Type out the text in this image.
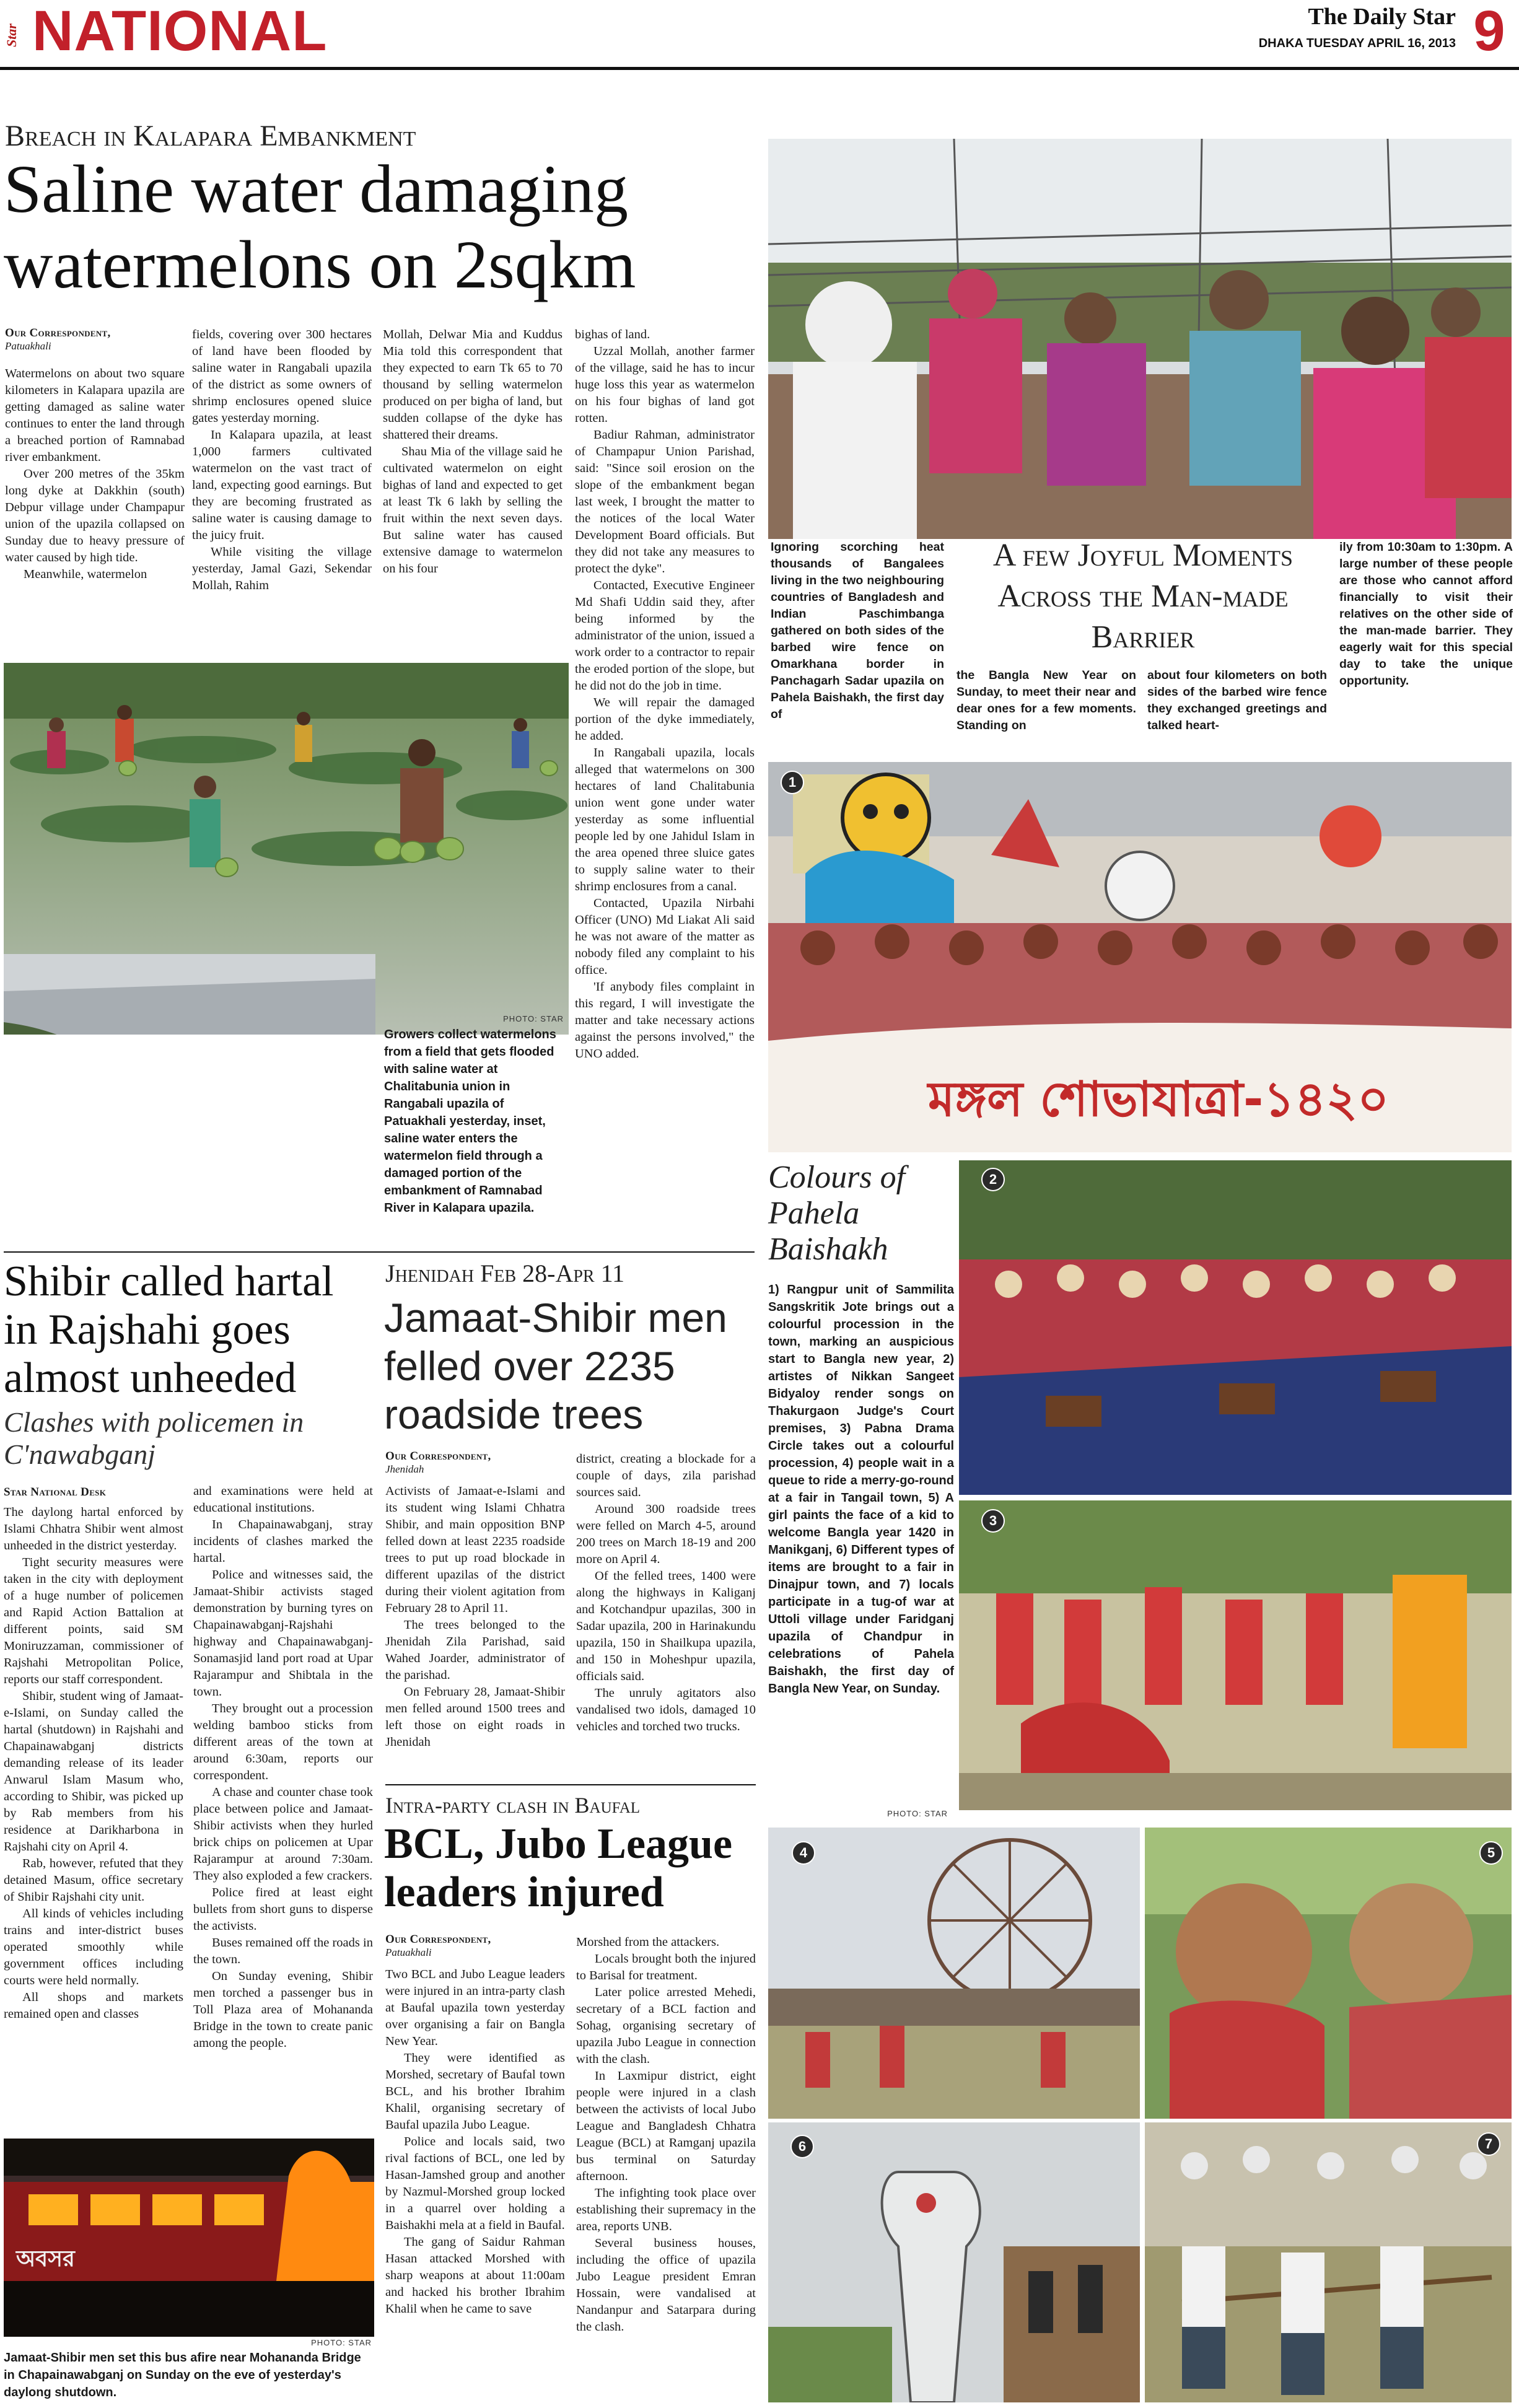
Star NATIONAL	The Daily Star
DHAKA TUESDAY APRIL 16, 2013 9
Breach in Kalapara Embankment
Saline water damaging watermelons on 2sqkm
Our Correspondent,
Patuakhali

Watermelons on about two square kilometers in Kalapara upazila are getting damaged as saline water continues to enter the land through a breached portion of Ramnabad river embankment.

Over 200 metres of the 35km long dyke at Dakkhin (south) Debpur village under Champapur union of the upazila collapsed on Sunday due to heavy pressure of water caused by high tide.

Meanwhile, watermelon

fields, covering over 300 hectares of land have been flooded by saline water in Rangabali upazila of the district as some owners of shrimp enclosures opened sluice gates yesterday morning.

In Kalapara upazila, at least 1,000 farmers cultivated watermelon on the vast tract of land, expecting good earnings. But they are becoming frustrated as saline water is causing damage to the juicy fruit.

While visiting the village yesterday, Jamal Gazi, Sekendar Mollah, Rahim

Mollah, Delwar Mia and Kuddus Mia told this correspondent that they expected to earn Tk 65 to 70 thousand by selling watermelon produced on per bigha of land, but sudden collapse of the dyke has shattered their dreams.

Shau Mia of the village said he cultivated watermelon on eight bighas of land and expected to get at least Tk 6 lakh by selling the fruit within the next seven days. But saline water has caused extensive damage to watermelon on his four

bighas of land.

Uzzal Mollah, another farmer of the village, said he has to incur huge loss this year as watermelon on his four bighas of land got rotten.

Badiur Rahman, administrator of Champapur Union Parishad, said: "Since soil erosion on the slope of the embankment began last week, I brought the matter to the notices of the local Water Development Board officials. But they did not take any measures to protect the dyke".

Contacted, Executive Engineer Md Shafi Uddin said they, after being informed by the administrator of the union, issued a work order to a contractor to repair the eroded portion of the slope, but he did not do the job in time.

We will repair the damaged portion of the dyke immediately, he added.

In Rangabali upazila, locals alleged that watermelons on 300 hectares of land Chalitabunia union went gone under water yesterday as some influential people led by one Jahidul Islam in the area opened three sluice gates to supply saline water to their shrimp enclosures from a canal.

Contacted, Upazila Nirbahi Officer (UNO) Md Liakat Ali said he was not aware of the matter as nobody filed any complaint to his office.

'If anybody files complaint in this regard, I will investigate the matter and take necessary actions against the persons involved," the UNO added.

PHOTO: STAR
Growers collect watermelons from a field that gets flooded with saline water at Chalitabunia union in Rangabali upazila of Patuakhali yesterday, inset, saline water enters the watermelon field through a damaged portion of the embankment of Ramnabad River in Kalapara upazila.
Ignoring scorching heat thousands of Bangalees living in the two neighbouring countries of Bangladesh and Indian Paschimbanga gathered on both sides of the barbed wire fence on Omarkhana border in Panchagarh Sadar upazila on Pahela Baishakh, the first day of
A few Joyful Moments Across the Man-made Barrier
the Bangla New Year on Sunday, to meet their near and dear ones for a few moments. Standing on
about four kilometers on both sides of the barbed wire fence they exchanged greetings and talked heart-
ily from 10:30am to 1:30pm. A large number of these people are those who cannot afford financially to visit their relatives on the other side of the man-made barrier. They eagerly wait for this special day to take the unique opportunity.
মঙ্গল শোভাযাত্রা-১৪২০
1
Colours of Pahela Baishakh
1) Rangpur unit of Sammilita Sangskritik Jote brings out a colourful procession in the town, marking an auspicious start to Bangla new year, 2) artistes of Nikkan Sangeet Bidyaloy render songs on Thakurgaon Judge's Court premises, 3) Pabna Drama Circle takes out a colourful procession, 4) people wait in a queue to ride a merry-go-round at a fair in Tangail town, 5) A girl paints the face of a kid to welcome Bangla year 1420 in Manikganj, 6) Different types of items are brought to a fair in Dinajpur town, and 7) locals participate in a tug-of war at Uttoli village under Faridganj upazila of Chandpur in celebrations of Pahela Baishakh, the first day of Bangla New Year, on Sunday.
PHOTO: STAR
2
3
4	5
6	7
Shibir called hartal in Rajshahi goes almost unheeded
Clashes with policemen in C'nawabganj
Star National Desk

The daylong hartal enforced by Islami Chhatra Shibir went almost unheeded in the district yesterday.

Tight security measures were taken in the city with deployment of a huge number of policemen and Rapid Action Battalion at different points, said SM Moniruzzaman, commissioner of Rajshahi Metropolitan Police, reports our staff correspondent.

Shibir, student wing of Jamaat-e-Islami, on Sunday called the hartal (shutdown) in Rajshahi and Chapainawabganj districts demanding release of its leader Anwarul Islam Masum who, according to Shibir, was picked up by Rab members from his residence at Darikharbona in Rajshahi city on April 4.

Rab, however, refuted that they detained Masum, office secretary of Shibir Rajshahi city unit.

All kinds of vehicles including trains and inter-district buses operated smoothly while government offices including courts were held normally.

All shops and markets remained open and classes

and examinations were held at educational institutions.

In Chapainawabganj, stray incidents of clashes marked the hartal.

Police and witnesses said, the Jamaat-Shibir activists staged demonstration by burning tyres on Chapainawabganj-Rajshahi highway and Chapainawabganj-Sonamasjid land port road at Upar Rajarampur and Shibtala in the town.

They brought out a procession welding bamboo sticks from different areas of the town at around 6:30am, reports our correspondent.

A chase and counter chase took place between police and Jamaat-Shibir activists when they hurled brick chips on policemen at Upar Rajarampur at around 7:30am. They also exploded a few crackers.

Police fired at least eight bullets from short guns to disperse the activists.

Buses remained off the roads in the town.

On Sunday evening, Shibir men torched a passenger bus in Toll Plaza area of Mohananda Bridge in the town to create panic among the people.

অবসর
PHOTO: STAR
Jamaat-Shibir men set this bus afire near Mohananda Bridge in Chapainawabganj on Sunday on the eve of yesterday's daylong shutdown.
Jhenidah Feb 28-Apr 11
Jamaat-Shibir men felled over 2235 roadside trees
Our Correspondent,
Jhenidah

Activists of Jamaat-e-Islami and its student wing Islami Chhatra Shibir, and main opposition BNP felled down at least 2235 roadside trees to put up road blockade in different upazilas of the district during their violent agitation from February 28 to April 11.

The trees belonged to the Jhenidah Zila Parishad, said Wahed Joarder, administrator of the parishad.

On February 28, Jamaat-Shibir men felled around 1500 trees and left those on eight roads in Jhenidah

district, creating a blockade for a couple of days, zila parishad sources said.

Around 300 roadside trees were felled on March 4-5, around 200 trees on March 18-19 and 200 more on April 4.

Of the felled trees, 1400 were along the highways in Kaliganj and Kotchandpur upazilas, 300 in Sadar upazila, 200 in Harinakundu upazila, 150 in Shailkupa upazila, and 150 in Moheshpur upazila, officials said.

The unruly agitators also vandalised two idols, damaged 10 vehicles and torched two trucks.

Intra-party clash in Baufal
BCL, Jubo League leaders injured
Our Correspondent,
Patuakhali

Two BCL and Jubo League leaders were injured in an intra-party clash at Baufal upazila town yesterday over organising a fair on Bangla New Year.

They were identified as Morshed, secretary of Baufal town BCL, and his brother Ibrahim Khalil, organising secretary of Baufal upazila Jubo League.

Police and locals said, two rival factions of BCL, one led by Hasan-Jamshed group and another by Nazmul-Morshed group locked in a quarrel over holding a Baishakhi mela at a field in Baufal.

The gang of Saidur Rahman Hasan attacked Morshed with sharp weapons at about 11:00am and hacked his brother Ibrahim Khalil when he came to save

Morshed from the attackers.

Locals brought both the injured to Barisal for treatment.

Later police arrested Mehedi, secretary of a BCL faction and Sohag, organising secretary of upazila Jubo League in connection with the clash.

In Laxmipur district, eight people were injured in a clash between the activists of local Jubo League and Bangladesh Chhatra League (BCL) at Ramganj upazila bus terminal on Saturday afternoon.

The infighting took place over establishing their supremacy in the area, reports UNB.

Several business houses, including the office of upazila Jubo League president Emran Hossain, were vandalised at Nandanpur and Satarpara during the clash.
